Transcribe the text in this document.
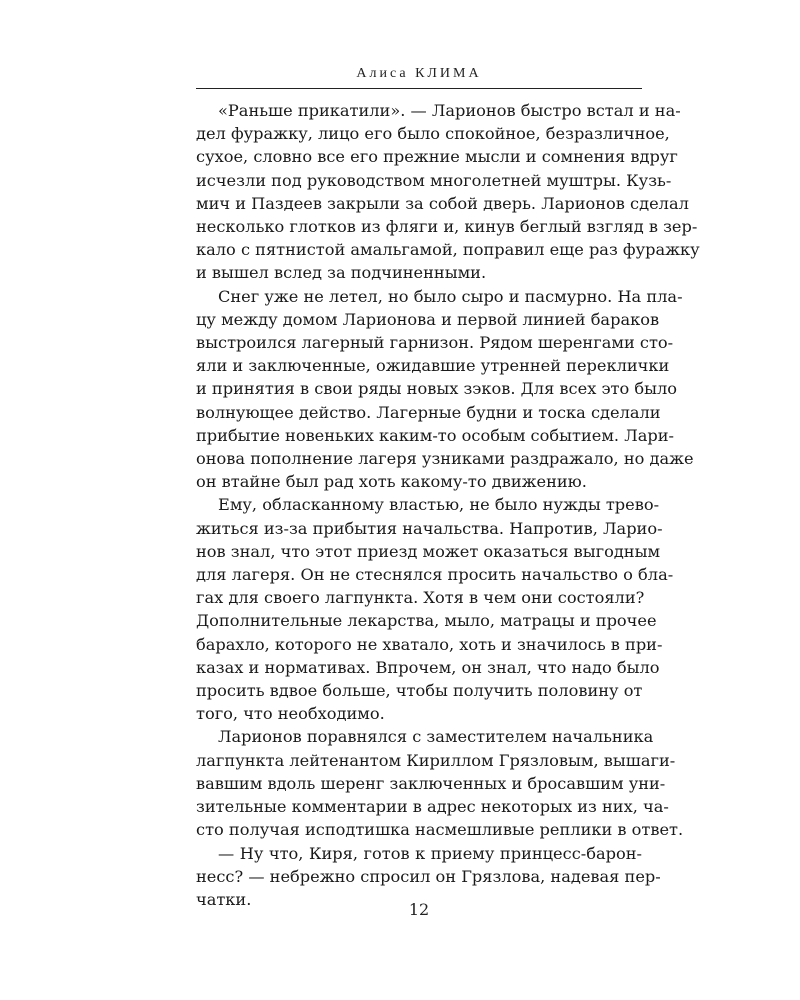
Алиса КЛИМА

«Раньше прикатили». — Ларионов быстро встал и на-

дел фуражку, лицо его было спокойное, безразличное,

сухое, словно все его прежние мысли и сомнения вдруг

исчезли под руководством многолетней муштры. Кузь-

мич и Паздеев закрыли за собой дверь. Ларионов сделал

несколько глотков из фляги и, кинув беглый взгляд в зер-

кало с пятнистой амальгамой, поправил еще раз фуражку

и вышел вслед за подчиненными.

Снег уже не летел, но было сыро и пасмурно. На пла-

цу между домом Ларионова и первой линией бараков

выстроился лагерный гарнизон. Рядом шеренгами сто-

яли и заключенные, ожидавшие утренней переклички

и принятия в свои ряды новых зэков. Для всех это было

волнующее действо. Лагерные будни и тоска сделали

прибытие новеньких каким-то особым событием. Лари-

онова пополнение лагеря узниками раздражало, но даже

он втайне был рад хоть какому-то движению.

Ему, обласканному властью, не было нужды трево-

житься из-за прибытия начальства. Напротив, Ларио-

нов знал, что этот приезд может оказаться выгодным

для лагеря. Он не стеснялся просить начальство о бла-

гах для своего лагпункта. Хотя в чем они состояли?

Дополнительные лекарства, мыло, матрацы и прочее

барахло, которого не хватало, хоть и значилось в при-

казах и нормативах. Впрочем, он знал, что надо было

просить вдвое больше, чтобы получить половину от

того, что необходимо.

Ларионов поравнялся с заместителем начальника

лагпункта лейтенантом Кириллом Грязловым, вышаги-

вавшим вдоль шеренг заключенных и бросавшим уни-

зительные комментарии в адрес некоторых из них, ча-

сто получая исподтишка насмешливые реплики в ответ.

— Ну что, Киря, готов к приему принцесс-барон-

несс? — небрежно спросил он Грязлова, надевая пер-

чатки.

12
